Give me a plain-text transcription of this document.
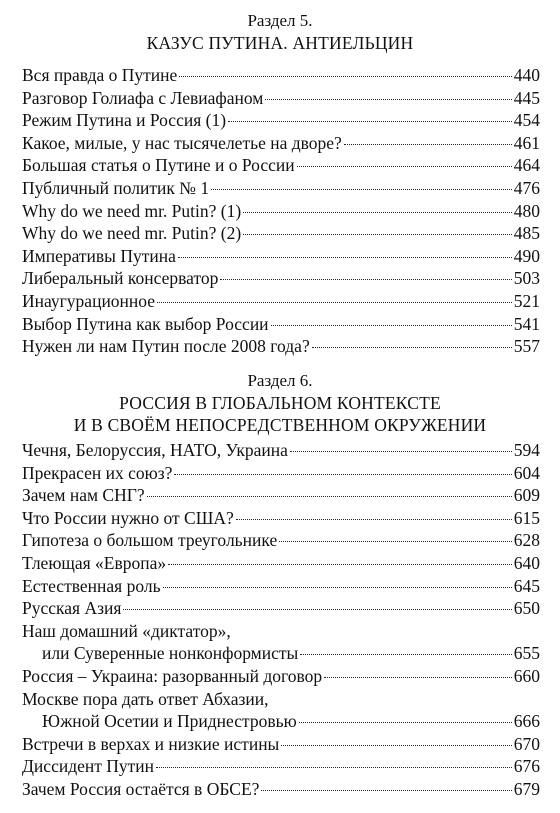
Раздел 5.
КАЗУС ПУТИНА. АНТИЕЛЬЦИН
Вся правда о Путине	440
Разговор Голиафа с Левиафаном	445
Режим Путина и Россия (1)	454
Какое, милые, у нас тысячелетье на дворе?	461
Большая статья о Путине и о России	464
Публичный политик № 1	476
Why do we need mr. Putin? (1)	480
Why do we need mr. Putin? (2)	485
Императивы Путина	490
Либеральный консерватор	503
Инаугурационное	521
Выбор Путина как выбор России	541
Нужен ли нам Путин после 2008 года?	557
Раздел 6.
РОССИЯ В ГЛОБАЛЬНОМ КОНТЕКСТЕ
И В СВОЁМ НЕПОСРЕДСТВЕННОМ ОКРУЖЕНИИ
Чечня, Белоруссия, НАТО, Украина	594
Прекрасен их союз?	604
Зачем нам СНГ?	609
Что России нужно от США?	615
Гипотеза о большом треугольнике	628
Тлеющая «Европа»	640
Естественная роль	645
Русская Азия	650
Наш домашний «диктатор»,
или Суверенные нонконформисты	655
Россия – Украина: разорванный договор	660
Москве пора дать ответ Абхазии,
Южной Осетии и Приднестровью	666
Встречи в верхах и низкие истины	670
Диссидент Путин	676
Зачем Россия остаётся в ОБСЕ?	679
